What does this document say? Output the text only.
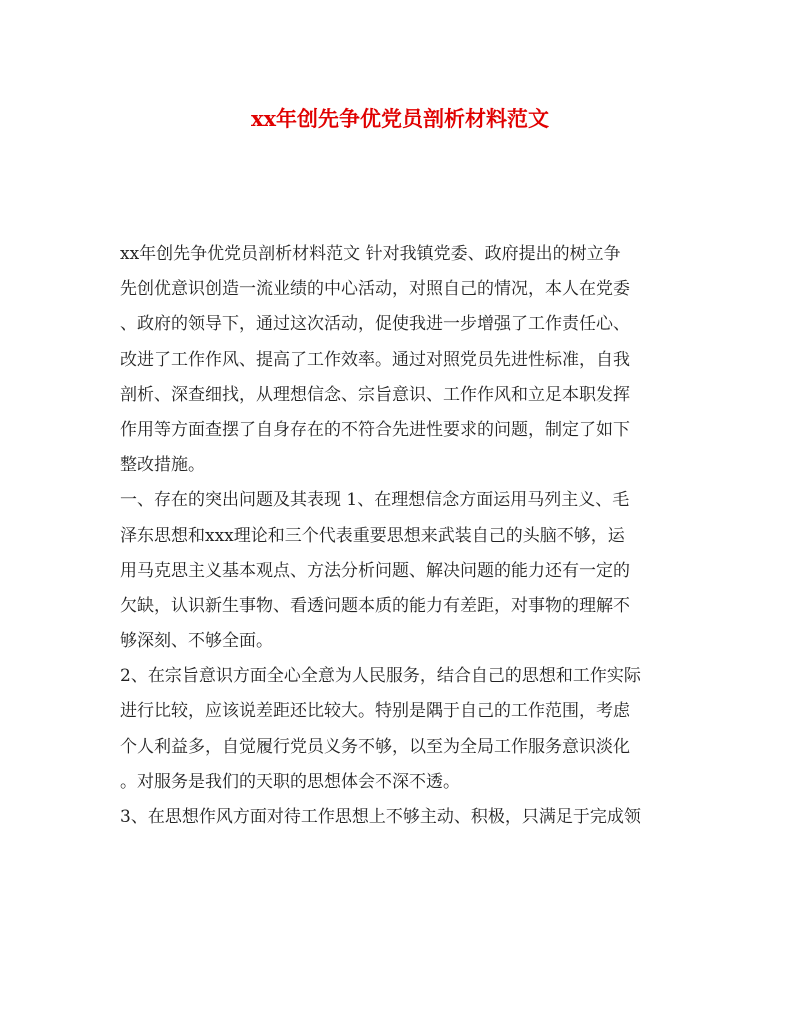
xx年创先争优党员剖析材料范文
xx年创先争优党员剖析材料范文 针对我镇党委、政府提出的树立争
先创优意识创造一流业绩的中心活动，对照自己的情况，本人在党委
、政府的领导下，通过这次活动，促使我进一步增强了工作责任心、
改进了工作作风、提高了工作效率。通过对照党员先进性标准，自我
剖析、深查细找，从理想信念、宗旨意识、工作作风和立足本职发挥
作用等方面查摆了自身存在的不符合先进性要求的问题，制定了如下
整改措施。
一、存在的突出问题及其表现 1、在理想信念方面运用马列主义、毛
泽东思想和xxx理论和三个代表重要思想来武装自己的头脑不够，运
用马克思主义基本观点、方法分析问题、解决问题的能力还有一定的
欠缺，认识新生事物、看透问题本质的能力有差距，对事物的理解不
够深刻、不够全面。
2、在宗旨意识方面全心全意为人民服务，结合自己的思想和工作实际
进行比较，应该说差距还比较大。特别是隅于自己的工作范围，考虑
个人利益多，自觉履行党员义务不够，以至为全局工作服务意识淡化
。对服务是我们的天职的思想体会不深不透。
3、在思想作风方面对待工作思想上不够主动、积极，只满足于完成领
